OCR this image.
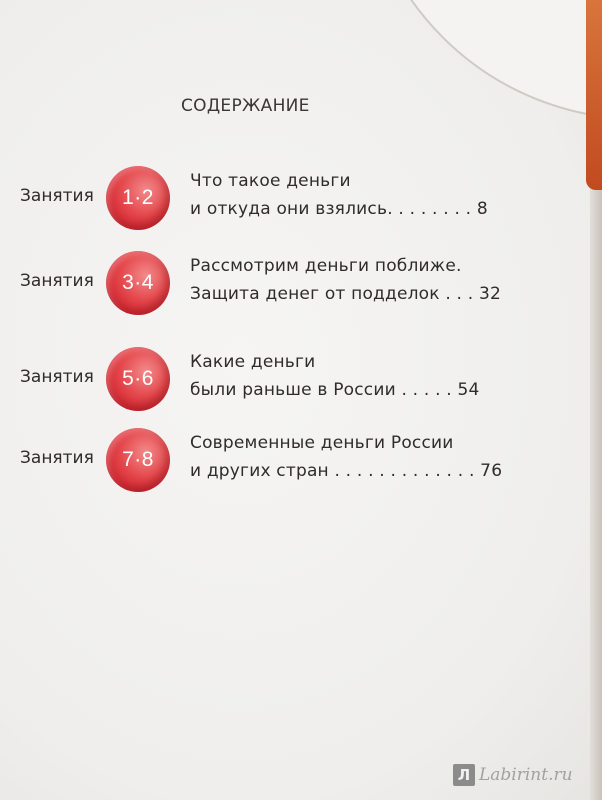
СОДЕРЖАНИЕ
Занятия 1·2
Что такое деньги
и откуда они взялись. . . . . . . . 8
Занятия 3·4
Рассмотрим деньги поближе.
Защита денег от подделок . . . 32
Занятия 5·6
Какие деньги
были раньше в России . . . . . 54
Занятия 7·8
Современные деньги России
и других стран . . . . . . . . . . . . . 76
Л Labirint.ru
